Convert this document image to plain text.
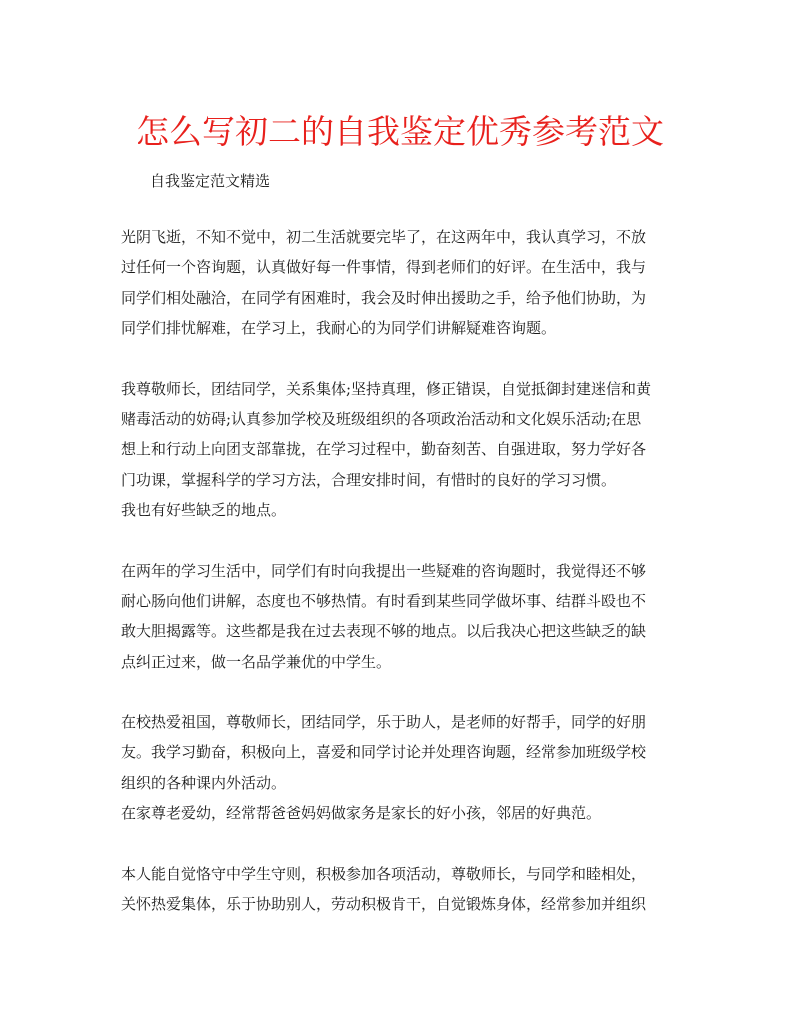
怎么写初二的自我鉴定优秀参考范文
自我鉴定范文精选
光阴飞逝，不知不觉中，初二生活就要完毕了，在这两年中，我认真学习，不放
过任何一个咨询题，认真做好每一件事情，得到老师们的好评。在生活中，我与
同学们相处融洽，在同学有困难时，我会及时伸出援助之手，给予他们协助，为
同学们排忧解难，在学习上，我耐心的为同学们讲解疑难咨询题。
我尊敬师长，团结同学，关系集体;坚持真理，修正错误，自觉抵御封建迷信和黄
赌毒活动的妨碍;认真参加学校及班级组织的各项政治活动和文化娱乐活动;在思
想上和行动上向团支部靠拢，在学习过程中，勤奋刻苦、自强进取，努力学好各
门功课，掌握科学的学习方法，合理安排时间，有惜时的良好的学习习惯。
我也有好些缺乏的地点。
在两年的学习生活中，同学们有时向我提出一些疑难的咨询题时，我觉得还不够
耐心肠向他们讲解，态度也不够热情。有时看到某些同学做坏事、结群斗殴也不
敢大胆揭露等。这些都是我在过去表现不够的地点。以后我决心把这些缺乏的缺
点纠正过来，做一名品学兼优的中学生。
在校热爱祖国，尊敬师长，团结同学，乐于助人，是老师的好帮手，同学的好朋
友。我学习勤奋，积极向上，喜爱和同学讨论并处理咨询题，经常参加班级学校
组织的各种课内外活动。
在家尊老爱幼，经常帮爸爸妈妈做家务是家长的好小孩，邻居的好典范。
本人能自觉恪守中学生守则，积极参加各项活动，尊敬师长，与同学和睦相处，
关怀热爱集体，乐于协助别人，劳动积极肯干，自觉锻炼身体，经常参加并组织
